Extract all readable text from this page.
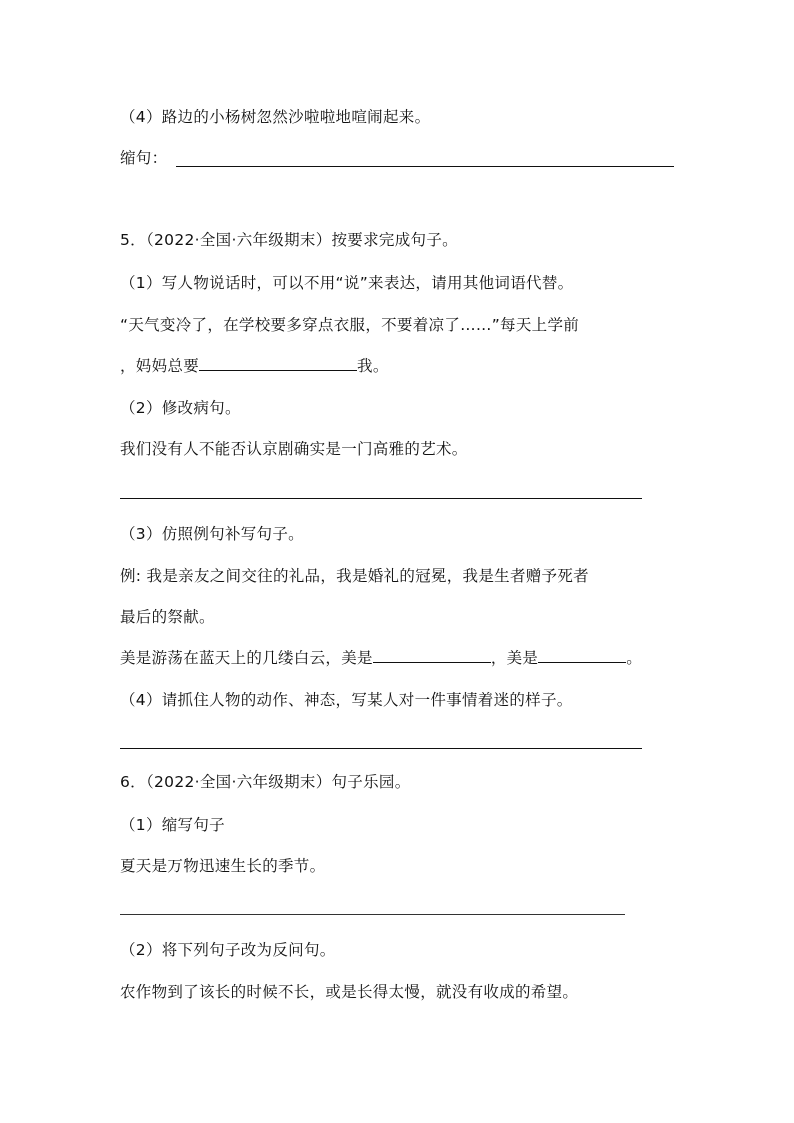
（4）路边的小杨树忽然沙啦啦地喧闹起来。
缩句：
5．（2022·全国·六年级期末）按要求完成句子。
（1）写人物说话时，可以不用“说”来表达，请用其他词语代替。
“天气变冷了，在学校要多穿点衣服，不要着凉了……”每天上学前
，妈妈总要	我。
（2）修改病句。
我们没有人不能否认京剧确实是一门高雅的艺术。
（3）仿照例句补写句子。
例: 我是亲友之间交往的礼品，我是婚礼的冠冕，我是生者赠予死者
最后的祭献。
美是游荡在蓝天上的几缕白云，美是	，美是	。
（4）请抓住人物的动作、神态，写某人对一件事情着迷的样子。
6．（2022·全国·六年级期末）句子乐园。
（1）缩写句子
夏天是万物迅速生长的季节。
（2）将下列句子改为反问句。
农作物到了该长的时候不长，或是长得太慢，就没有收成的希望。
